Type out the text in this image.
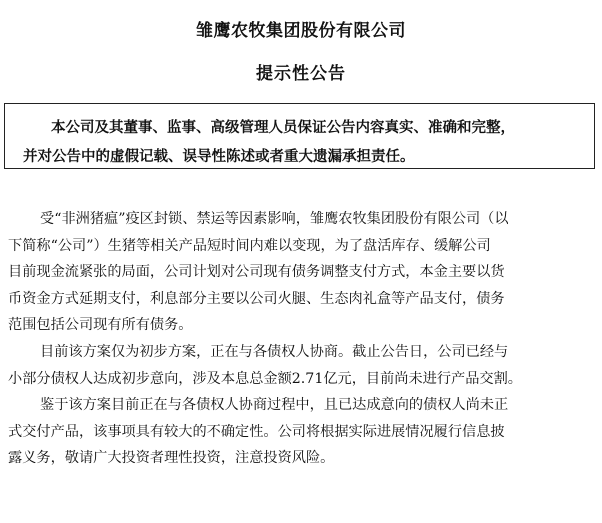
雏鹰农牧集团股份有限公司
提示性公告

本公司及其董事、监事、高级管理人员保证公告内容真实、准确和完整，

并对公告中的虚假记载、误导性陈述或者重大遗漏承担责任。

受“非洲猪瘟”疫区封锁、禁运等因素影响，雏鹰农牧集团股份有限公司（以
下简称“公司”）生猪等相关产品短时间内难以变现，为了盘活库存、缓解公司
目前现金流紧张的局面，公司计划对公司现有债务调整支付方式，本金主要以货
币资金方式延期支付，利息部分主要以公司火腿、生态肉礼盒等产品支付，债务
范围包括公司现有所有债务。
目前该方案仅为初步方案，正在与各债权人协商。截止公告日，公司已经与
小部分债权人达成初步意向，涉及本息总金额2.71亿元，目前尚未进行产品交割。
鉴于该方案目前正在与各债权人协商过程中，且已达成意向的债权人尚未正
式交付产品，该事项具有较大的不确定性。公司将根据实际进展情况履行信息披
露义务，敬请广大投资者理性投资，注意投资风险。
